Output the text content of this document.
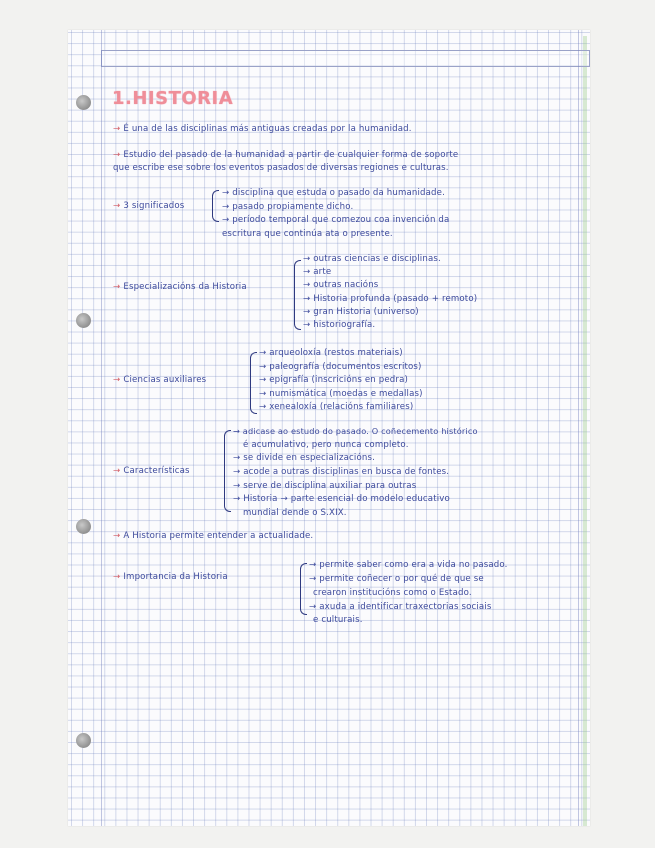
1.HISTORIA
→ É una de las disciplinas más antiguas creadas por la humanidad.
→ Estudio del pasado de la humanidad a partir de cualquier forma de soporte
que escribe ese sobre los eventos pasados de diversas regiones e culturas.
→ 3 significados
→ disciplina que estuda o pasado da humanidade.
→ pasado propiamente dicho.
→ período temporal que comezou coa invención da
escritura que continúa ata o presente.
→ Especializacións da Historia
→ outras ciencias e disciplinas.
→ arte
→ outras nacións
→ Historia profunda (pasado + remoto)
→ gran Historia (universo)
→ historiografía.
→ Ciencias auxiliares
→ arqueoloxía (restos materiais)
→ paleografía (documentos escritos)
→ epigrafía (inscricións en pedra)
→ numismática (moedas e medallas)
→ xenealoxía (relacións familiares)
→ Características
→ adicase ao estudo do pasado. O coñecemento histórico
é acumulativo, pero nunca completo.
→ se divide en especializacións.
→ acode a outras disciplinas en busca de fontes.
→ serve de disciplina auxiliar para outras
→ Historia → parte esencial do modelo educativo
mundial dende o S.XIX.
→ A Historia permite entender a actualidade.
→ Importancia da Historia
→ permite saber como era a vida no pasado.
→ permite coñecer o por qué de que se
crearon institucións como o Estado.
→ axuda a identificar traxectorias sociais
e culturais.
